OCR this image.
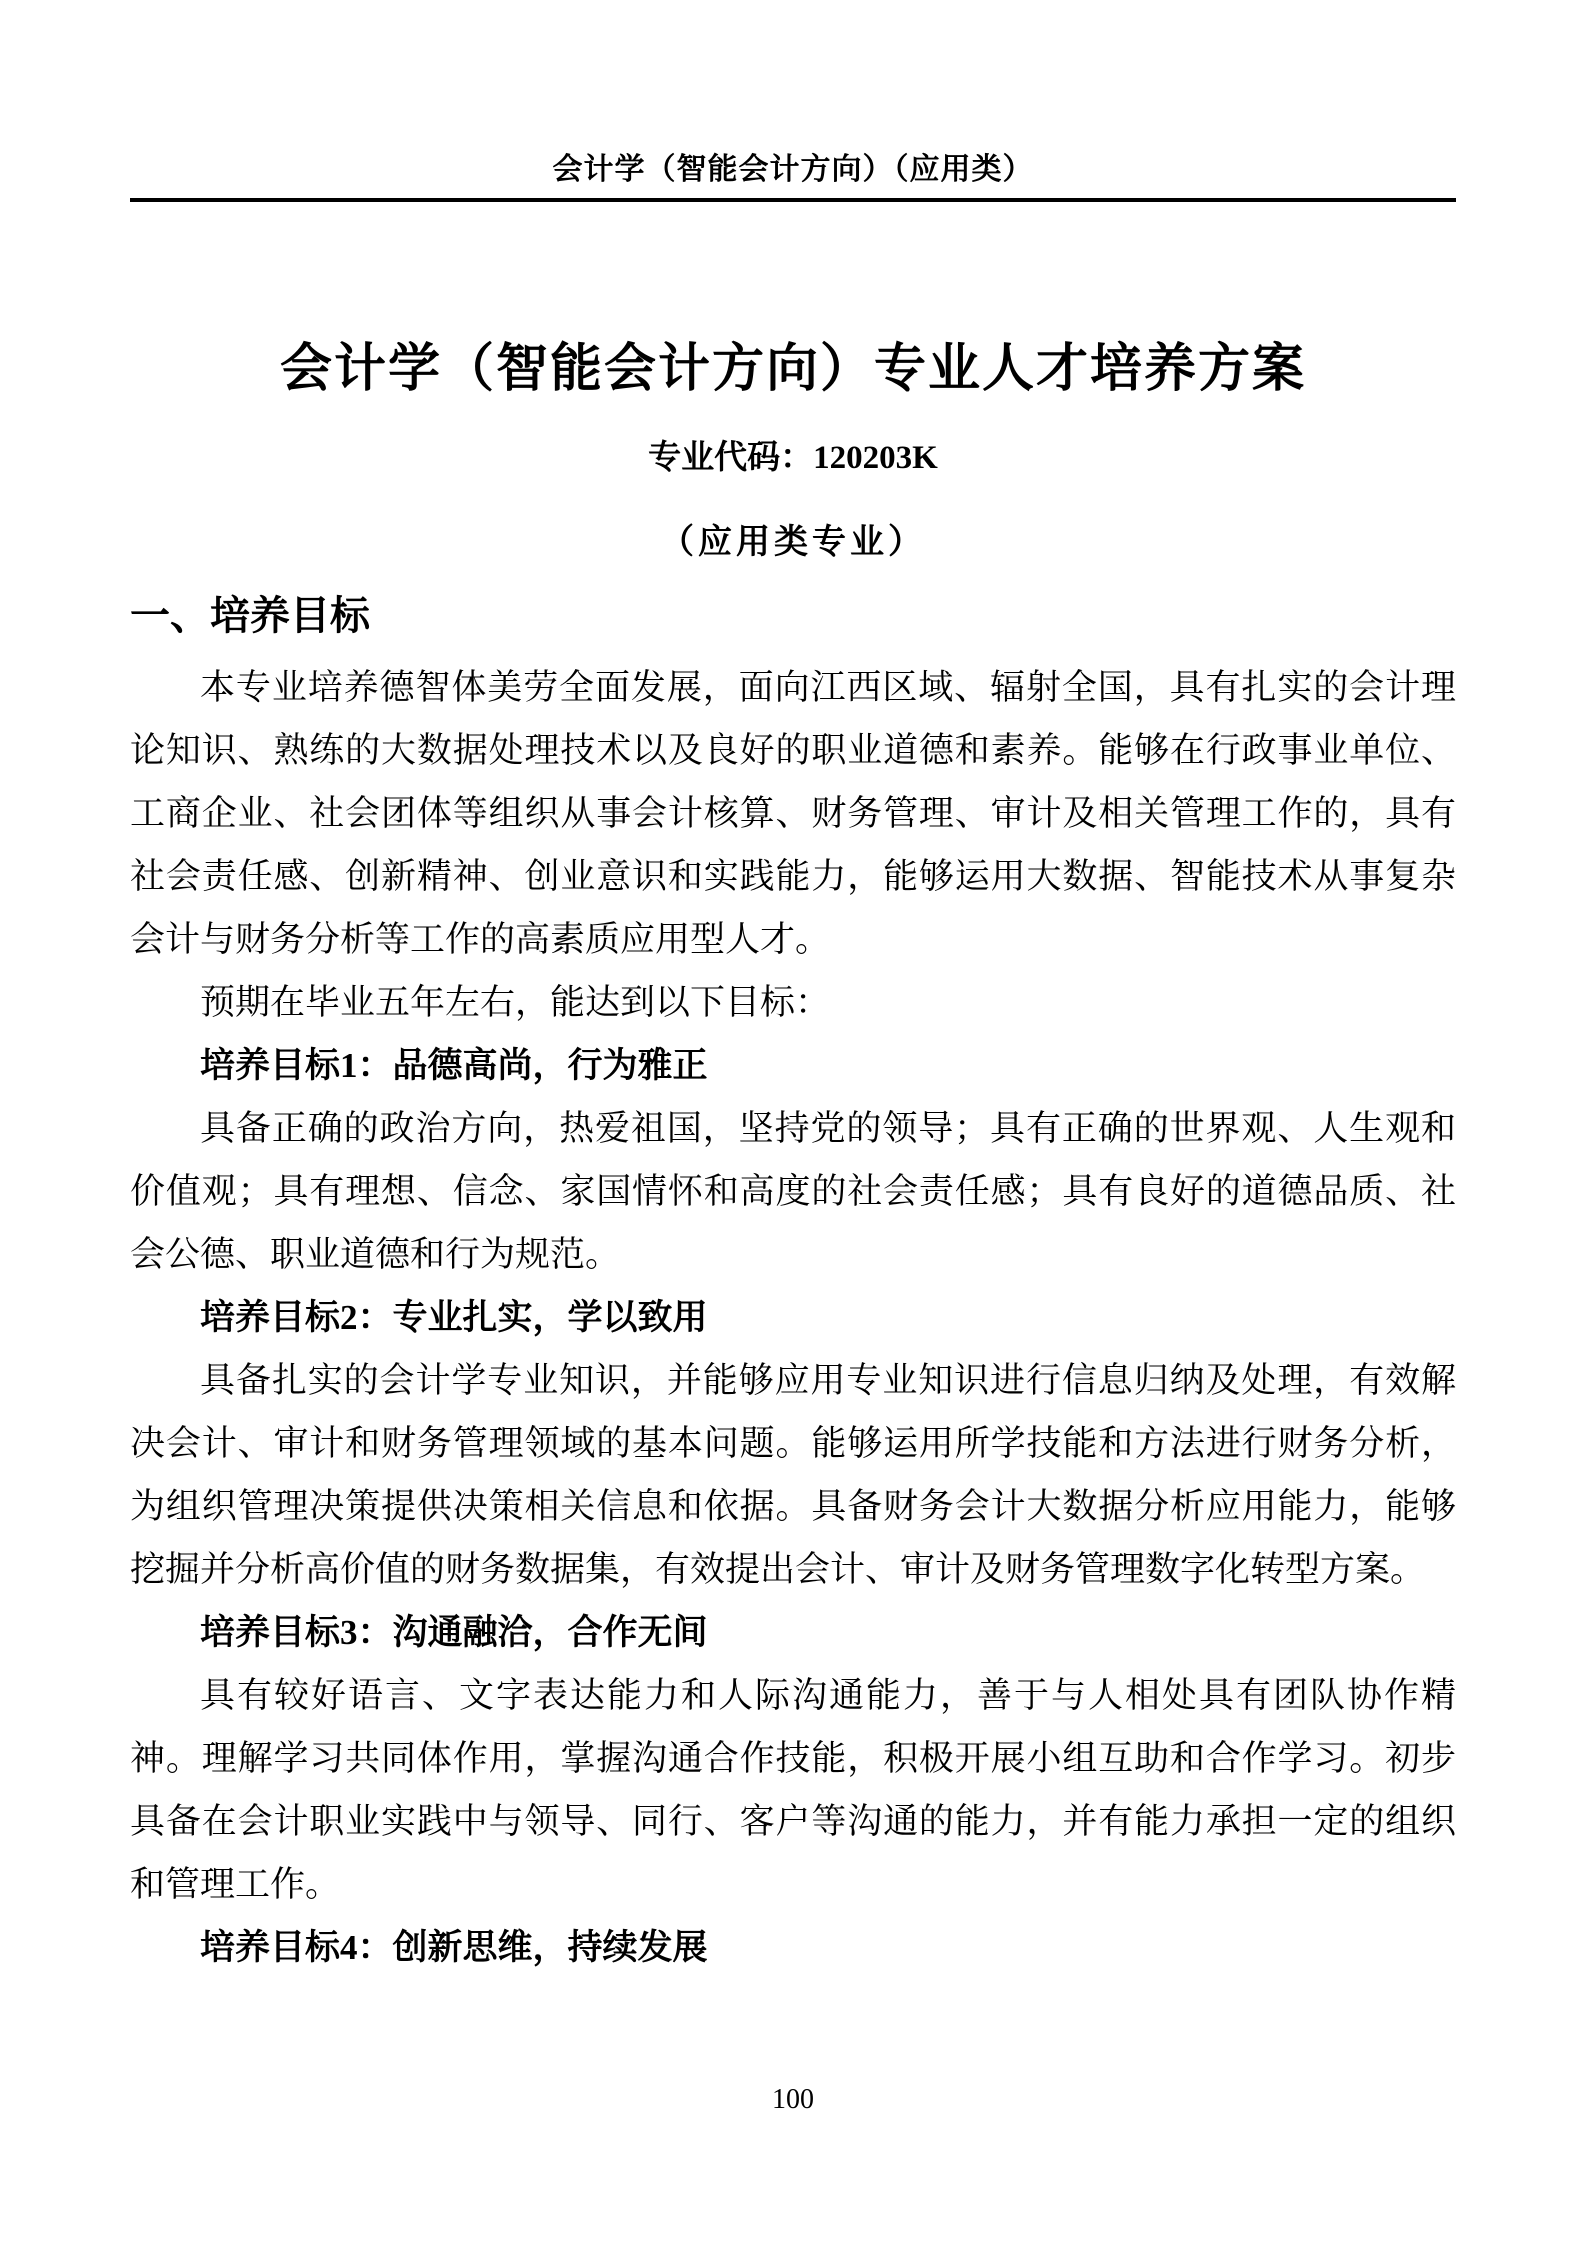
会计学（智能会计方向）（应用类）
会计学（智能会计方向）专业人才培养方案
专业代码：120203K
（应用类专业）
一、培养目标

本专业培养德智体美劳全面发展，面向江西区域、辐射全国，具有扎实的会计理论知识、熟练的大数据处理技术以及良好的职业道德和素养。能够在行政事业单位、工商企业、社会团体等组织从事会计核算、财务管理、审计及相关管理工作的，具有社会责任感、创新精神、创业意识和实践能力，能够运用大数据、智能技术从事复杂会计与财务分析等工作的高素质应用型人才。

预期在毕业五年左右，能达到以下目标：

培养目标1：品德高尚，行为雅正

具备正确的政治方向，热爱祖国，坚持党的领导；具有正确的世界观、人生观和价值观；具有理想、信念、家国情怀和高度的社会责任感；具有良好的道德品质、社会公德、职业道德和行为规范。

培养目标2：专业扎实，学以致用

具备扎实的会计学专业知识，并能够应用专业知识进行信息归纳及处理，有效解决会计、审计和财务管理领域的基本问题。能够运用所学技能和方法进行财务分析，为组织管理决策提供决策相关信息和依据。具备财务会计大数据分析应用能力，能够挖掘并分析高价值的财务数据集，有效提出会计、审计及财务管理数字化转型方案。

培养目标3：沟通融洽，合作无间

具有较好语言、文字表达能力和人际沟通能力，善于与人相处具有团队协作精神。理解学习共同体作用，掌握沟通合作技能，积极开展小组互助和合作学习。初步具备在会计职业实践中与领导、同行、客户等沟通的能力，并有能力承担一定的组织和管理工作。

培养目标4：创新思维，持续发展

100
